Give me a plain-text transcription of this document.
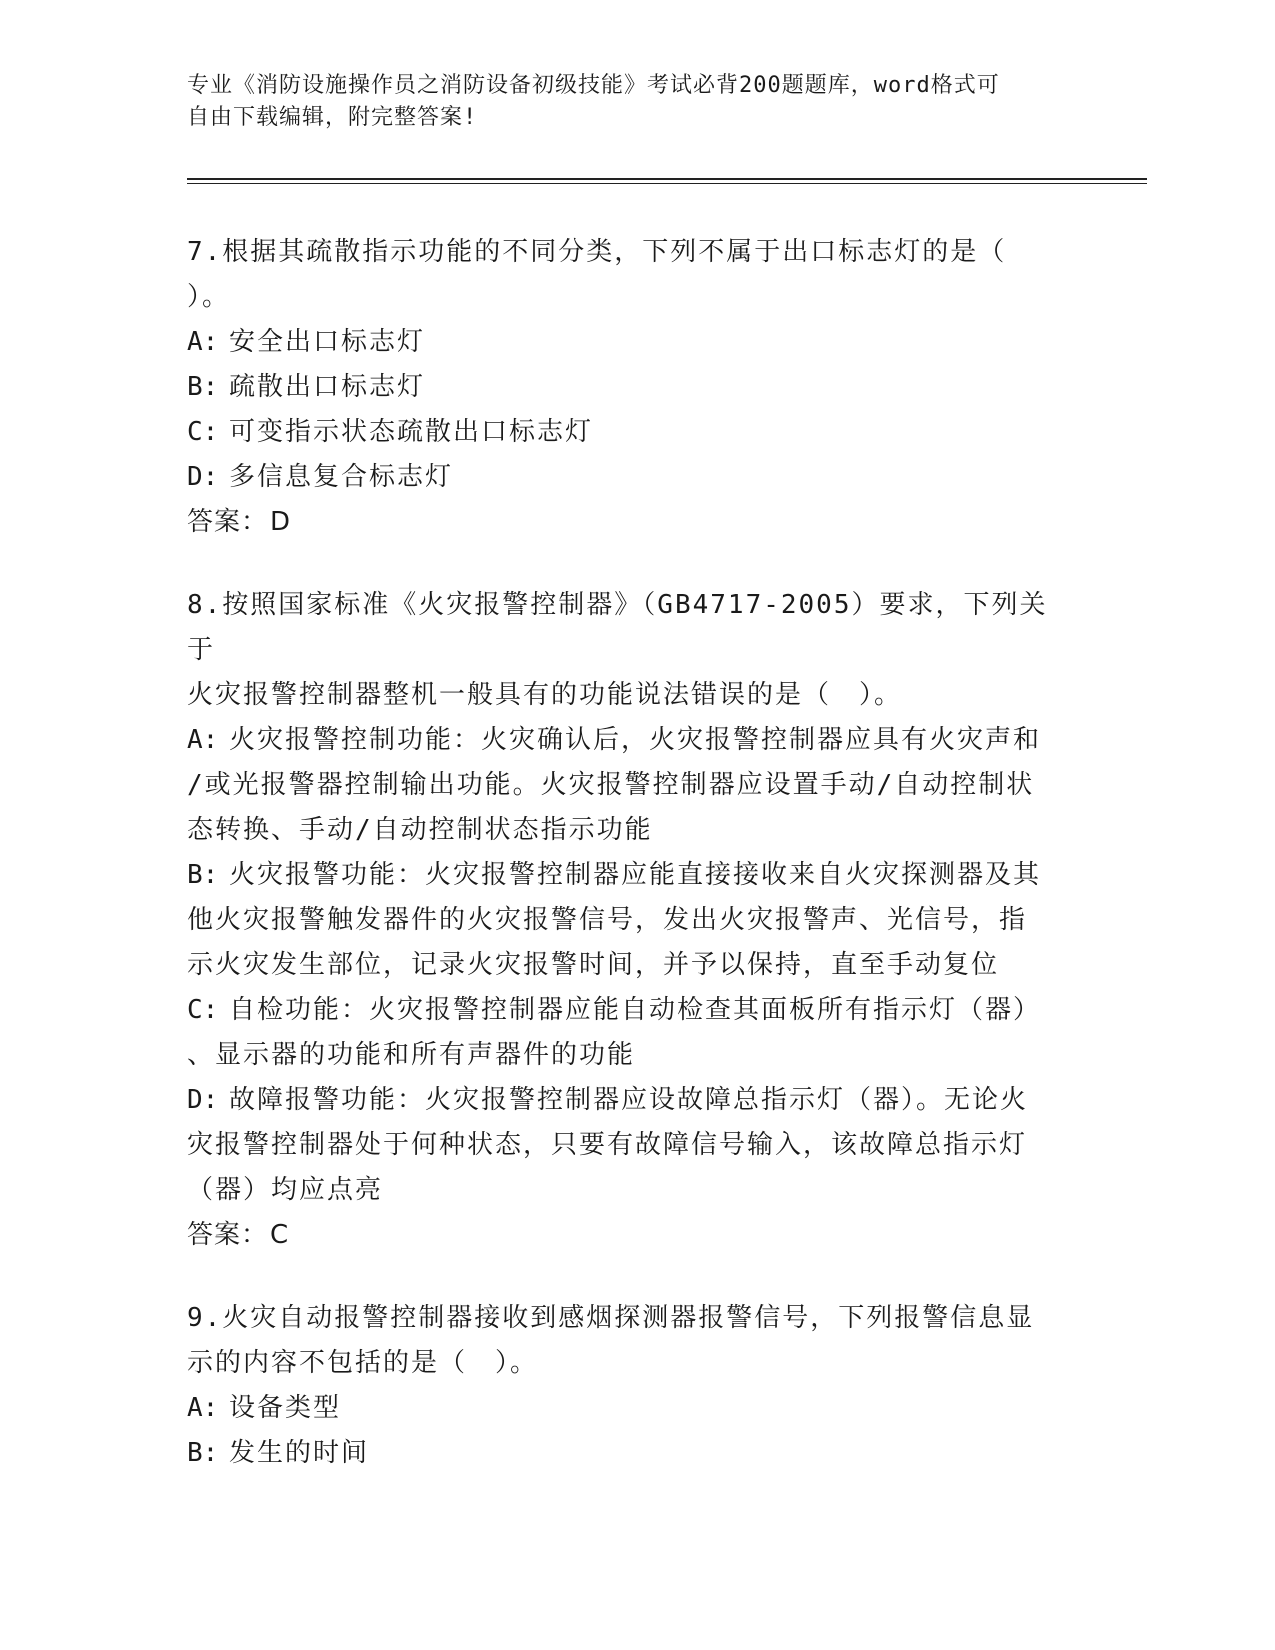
专业《消防设施操作员之消防设备初级技能》考试必背200题题库，word格式可
自由下载编辑，附完整答案!
7.根据其疏散指示功能的不同分类，下列不属于出口标志灯的是（
）。
A: 安全出口标志灯
B: 疏散出口标志灯
C: 可变指示状态疏散出口标志灯
D: 多信息复合标志灯
答案：D
8.按照国家标准《火灾报警控制器》（GB4717-2005）要求，下列关于
火灾报警控制器整机一般具有的功能说法错误的是（　）。
A: 火灾报警控制功能：火灾确认后，火灾报警控制器应具有火灾声和
/或光报警器控制输出功能。火灾报警控制器应设置手动/自动控制状
态转换、手动/自动控制状态指示功能
B: 火灾报警功能：火灾报警控制器应能直接接收来自火灾探测器及其
他火灾报警触发器件的火灾报警信号，发出火灾报警声、光信号，指
示火灾发生部位，记录火灾报警时间，并予以保持，直至手动复位
C: 自检功能：火灾报警控制器应能自动检查其面板所有指示灯（器）
、显示器的功能和所有声器件的功能
D: 故障报警功能：火灾报警控制器应设故障总指示灯（器）。无论火
灾报警控制器处于何种状态，只要有故障信号输入，该故障总指示灯
（器）均应点亮
答案：C
9.火灾自动报警控制器接收到感烟探测器报警信号，下列报警信息显
示的内容不包括的是（　）。
A: 设备类型
B: 发生的时间
